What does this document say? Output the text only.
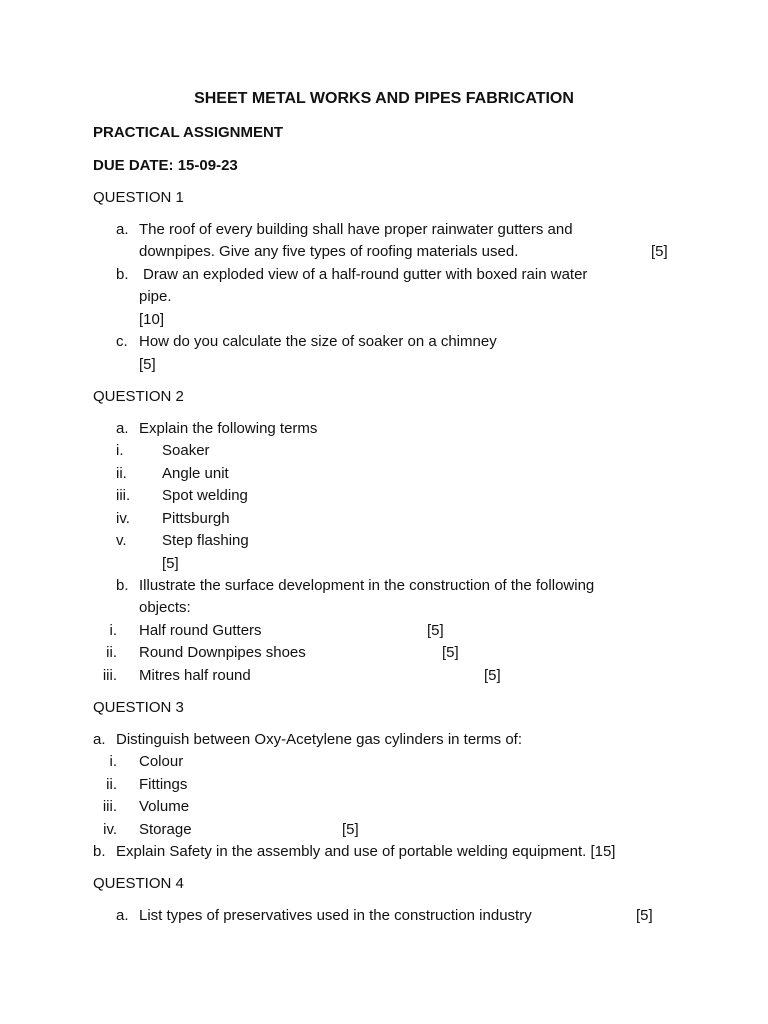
SHEET METAL WORKS AND PIPES FABRICATION
PRACTICAL ASSIGNMENT
DUE DATE: 15-09-23
QUESTION 1
a. The roof of every building shall have proper rainwater gutters and
downpipes. Give any five types of roofing materials used.	[5]
b. Draw an exploded view of a half-round gutter with boxed rain water
pipe.
[10]
c. How do you calculate the size of soaker on a chimney
[5]
QUESTION 2
a. Explain the following terms
i.	Soaker
ii. Angle unit
iii. Spot welding
iv. Pittsburgh
v. Step flashing
[5]
b. Illustrate the surface development in the construction of the following
objects:
i. Half round Gutters	[5]
ii. Round Downpipes shoes	[5]
iii. Mitres half round	[5]
QUESTION 3
a. Distinguish between Oxy-Acetylene gas cylinders in terms of:
i. Colour
ii. Fittings
iii. Volume
iv. Storage	[5]
b. Explain Safety in the assembly and use of portable welding equipment. [15]
QUESTION 4
a. List types of preservatives used in the construction industry	[5]
